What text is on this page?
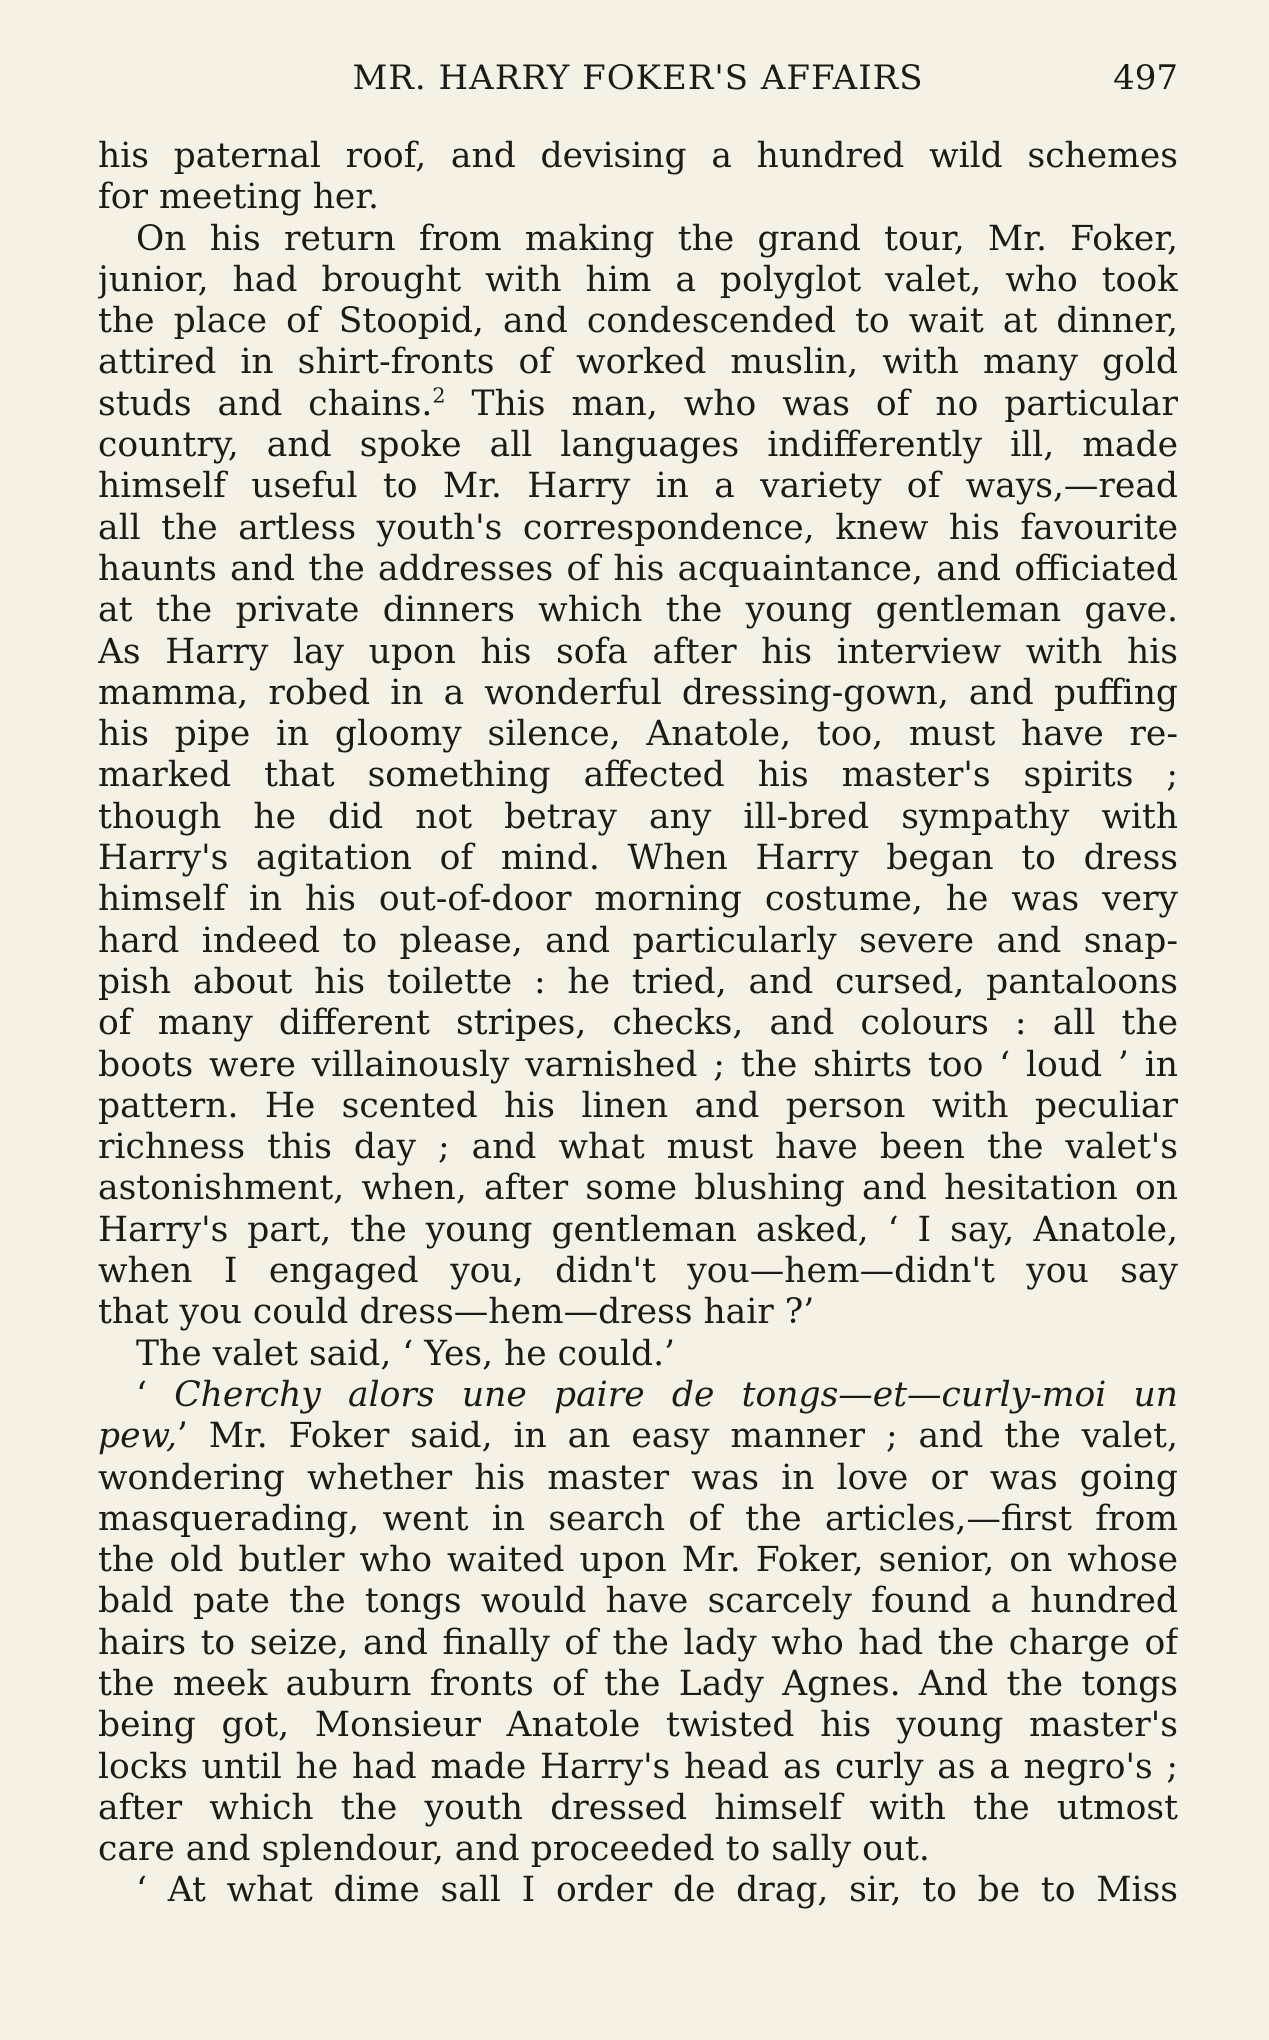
MR. HARRY FOKER'S AFFAIRS	497
his paternal roof, and devising a hundred wild schemes
for meeting her.
On his return from making the grand tour, Mr. Foker,
junior, had brought with him a polyglot valet, who took
the place of Stoopid, and condescended to wait at dinner,
attired in shirt-fronts of worked muslin, with many gold
studs and chains.$^2$ This man, who was of no particular
country, and spoke all languages indifferently ill, made
himself useful to Mr. Harry in a variety of ways,—read
all the artless youth's correspondence, knew his favourite
haunts and the addresses of his acquaintance, and officiated
at the private dinners which the young gentleman gave.
As Harry lay upon his sofa after his interview with his
mamma, robed in a wonderful dressing-gown, and puffing
his pipe in gloomy silence, Anatole, too, must have re-
marked that something affected his master's spirits ;
though he did not betray any ill-bred sympathy with
Harry's agitation of mind. When Harry began to dress
himself in his out-of-door morning costume, he was very
hard indeed to please, and particularly severe and snap-
pish about his toilette : he tried, and cursed, pantaloons
of many different stripes, checks, and colours : all the
boots were villainously varnished ; the shirts too ‘ loud ’ in
pattern. He scented his linen and person with peculiar
richness this day ; and what must have been the valet's
astonishment, when, after some blushing and hesitation on
Harry's part, the young gentleman asked, ‘ I say, Anatole,
when I engaged you, didn't you—hem—didn't you say
that you could dress—hem—dress hair ?’
The valet said, ‘ Yes, he could.’
‘ Cherchy alors une paire de tongs—et—curly-moi un
pew,’ Mr. Foker said, in an easy manner ; and the valet,
wondering whether his master was in love or was going
masquerading, went in search of the articles,—first from
the old butler who waited upon Mr. Foker, senior, on whose
bald pate the tongs would have scarcely found a hundred
hairs to seize, and finally of the lady who had the charge of
the meek auburn fronts of the Lady Agnes. And the tongs
being got, Monsieur Anatole twisted his young master's
locks until he had made Harry's head as curly as a negro's ;
after which the youth dressed himself with the utmost
care and splendour, and proceeded to sally out.
‘ At what dime sall I order de drag, sir, to be to Miss
